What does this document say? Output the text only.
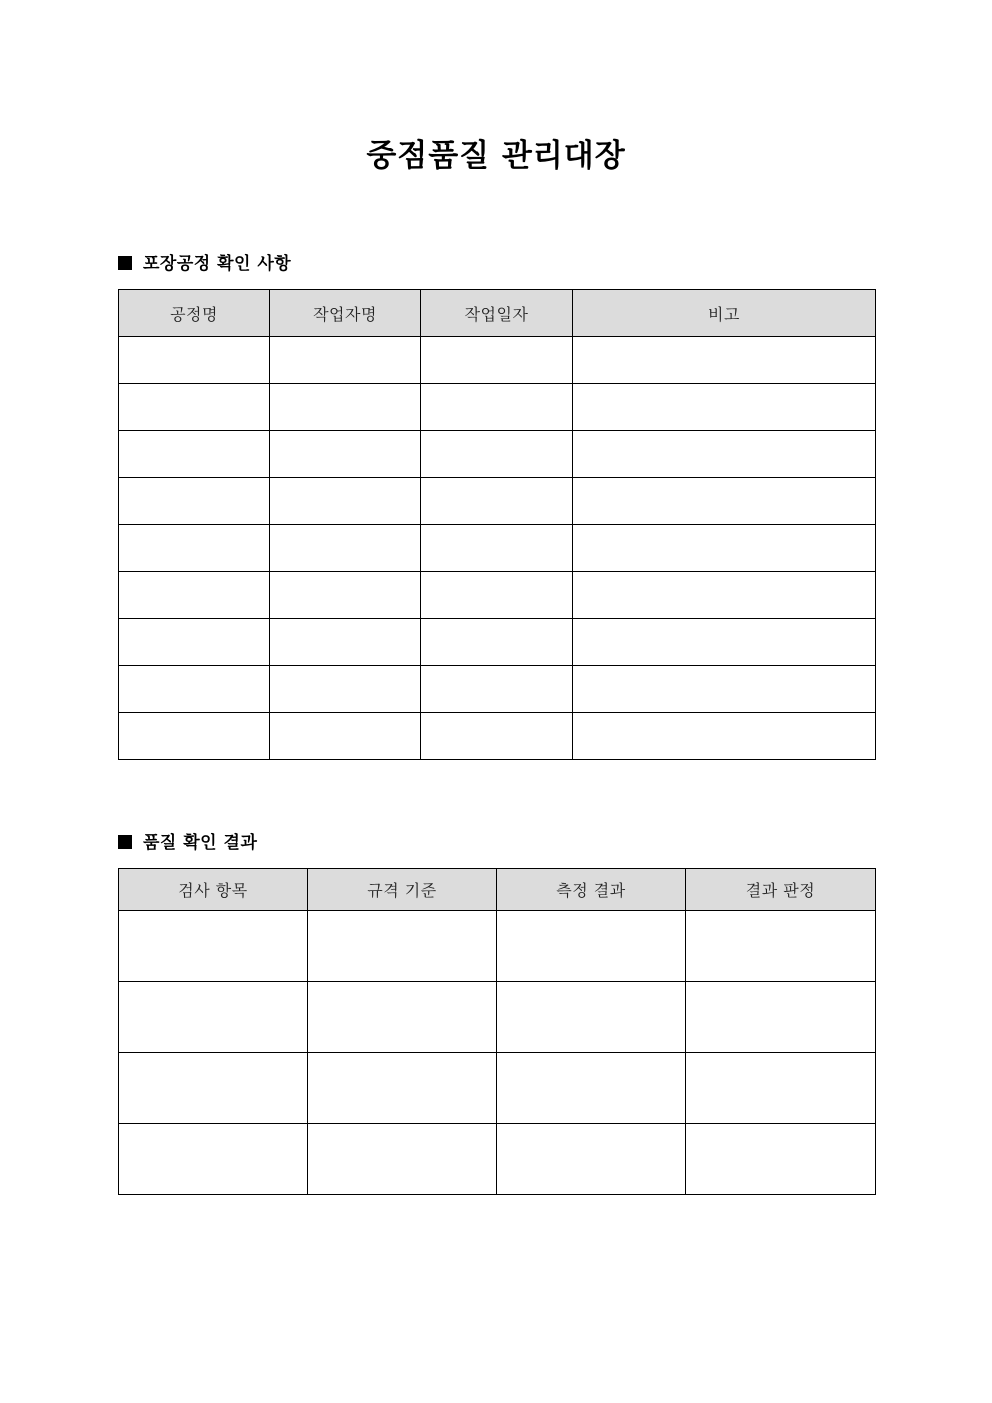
중점품질 관리대장
포장공정 확인 사항
공정명	작업자명	작업일자	비고

품질 확인 결과
검사 항목	규격 기준	측정 결과	결과 판정
